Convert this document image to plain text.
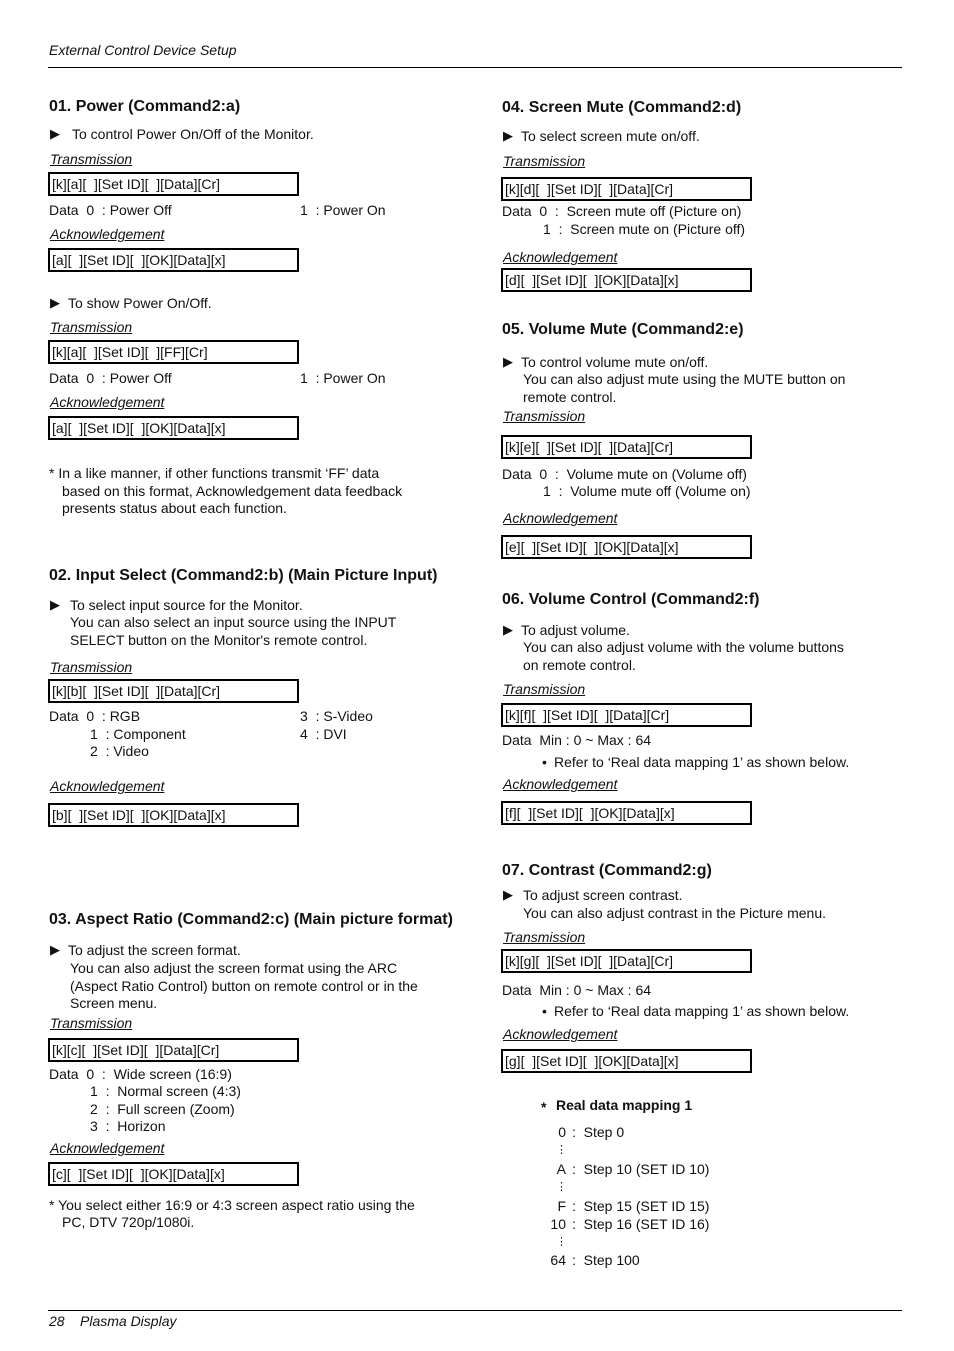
External Control Device Setup
01. Power (Command2:a)
▶ To control Power On/Off of the Monitor.
Transmission
[k][a][  ][Set ID][  ][Data][Cr]
Data  0  : Power Off	1  : Power On
Acknowledgement
[a][  ][Set ID][  ][OK][Data][x]
▶ To show Power On/Off.
Transmission
[k][a][  ][Set ID][  ][FF][Cr]
Data  0  : Power Off	1  : Power On
Acknowledgement
[a][  ][Set ID][  ][OK][Data][x]
* In a like manner, if other functions transmit ‘FF’ data
based on this format, Acknowledgement data feedback
presents status about each function.
02. Input Select (Command2:b) (Main Picture Input)
▶ To select input source for the Monitor.
You can also select an input source using the INPUT
SELECT button on the Monitor's remote control.
Transmission
[k][b][  ][Set ID][  ][Data][Cr]
Data  0  : RGB
1  : Component
2  : Video
3  : S-Video
4  : DVI
Acknowledgement
[b][  ][Set ID][  ][OK][Data][x]
03. Aspect Ratio (Command2:c) (Main picture format)
▶ To adjust the screen format.
You can also adjust the screen format using the ARC
(Aspect Ratio Control) button on remote control or in the
Screen menu.
Transmission
[k][c][  ][Set ID][  ][Data][Cr]
Data  0  :  Wide screen (16:9)
1  :  Normal screen (4:3)
2  :  Full screen (Zoom)
3  :  Horizon
Acknowledgement
[c][  ][Set ID][  ][OK][Data][x]
* You select either 16:9 or 4:3 screen aspect ratio using the
PC, DTV 720p/1080i.
04. Screen Mute (Command2:d)
▶ To select screen mute on/off.
Transmission
[k][d][  ][Set ID][  ][Data][Cr]
Data  0  :  Screen mute off (Picture on)
1  :  Screen mute on (Picture off)
Acknowledgement
[d][  ][Set ID][  ][OK][Data][x]
05. Volume Mute (Command2:e)
▶ To control volume mute on/off.
You can also adjust mute using the MUTE button on
remote control.
Transmission
[k][e][  ][Set ID][  ][Data][Cr]
Data  0  :  Volume mute on (Volume off)
1  :  Volume mute off (Volume on)
Acknowledgement
[e][  ][Set ID][  ][OK][Data][x]
06. Volume Control (Command2:f)
▶ To adjust volume.
You can also adjust volume with the volume buttons
on remote control.
Transmission
[k][f][  ][Set ID][  ][Data][Cr]
Data  Min : 0 ~ Max : 64
• Refer to ‘Real data mapping 1’ as shown below.
Acknowledgement
[f][  ][Set ID][  ][OK][Data][x]
07. Contrast (Command2:g)
▶ To adjust screen contrast.
You can also adjust contrast in the Picture menu.
Transmission
[k][g][  ][Set ID][  ][Data][Cr]
Data  Min : 0 ~ Max : 64
• Refer to ‘Real data mapping 1’ as shown below.
Acknowledgement
[g][  ][Set ID][  ][OK][Data][x]
* Real data mapping 1
0 :  Step 0
⋮
A :  Step 10 (SET ID 10)
⋮
F :  Step 15 (SET ID 15)
10 :  Step 16 (SET ID 16)
⋮
64 :  Step 100
28 Plasma Display
